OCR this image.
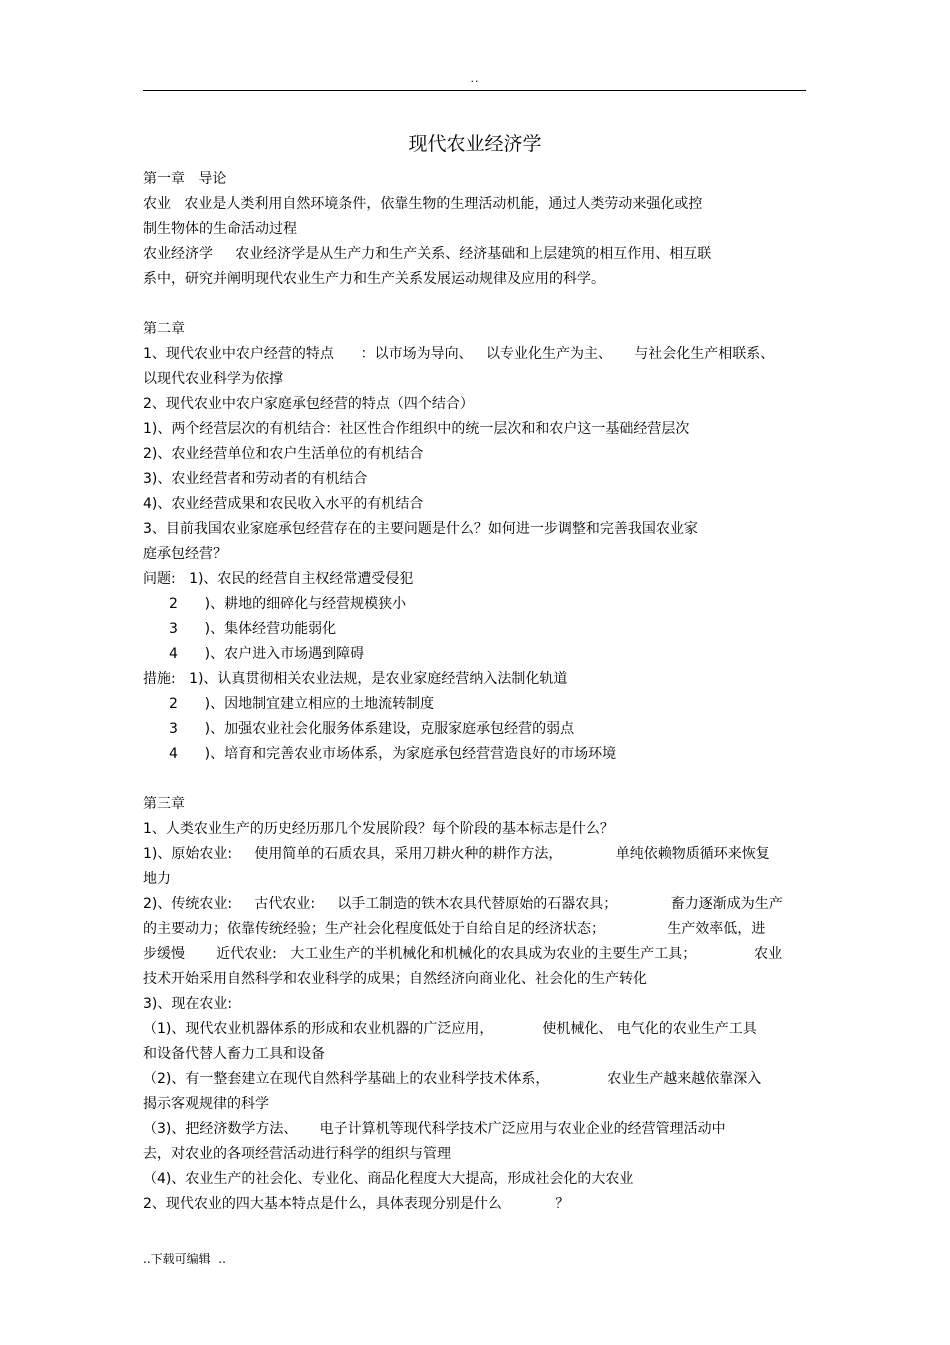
..
现代农业经济学
第一章   导论
农业   农业是人类利用自然环境条件，依靠生物的生理活动机能，通过人类劳动来强化或控
制生物体的生命活动过程
农业经济学     农业经济学是从生产力和生产关系、经济基础和上层建筑的相互作用、相互联
系中，研究并阐明现代农业生产力和生产关系发展运动规律及应用的科学。
第二章
1、现代农业中农户经营的特点      ：以市场为导向、   以专业化生产为主、     与社会化生产相联系、
以现代农业科学为依撑
2、现代农业中农户家庭承包经营的特点（四个结合）
1)、两个经营层次的有机结合：社区性合作组织中的统一层次和和农户这一基础经营层次
2)、农业经营单位和农户生活单位的有机结合
3)、农业经营者和劳动者的有机结合
4)、农业经营成果和农民收入水平的有机结合
3、目前我国农业家庭承包经营存在的主要问题是什么？如何进一步调整和完善我国农业家
庭承包经营？
问题:   1)、农民的经营自主权经常遭受侵犯
2      )、耕地的细碎化与经营规模狭小
3      )、集体经营功能弱化
4      )、农户进入市场遇到障碍
措施:   1)、认真贯彻相关农业法规，是农业家庭经营纳入法制化轨道
2      )、因地制宜建立相应的土地流转制度
3      )、加强农业社会化服务体系建设，克服家庭承包经营的弱点
4      )、培育和完善农业市场体系，为家庭承包经营营造良好的市场环境
第三章
1、人类农业生产的历史经历那几个发展阶段？每个阶段的基本标志是什么？
1)、原始农业:     使用简单的石质农具，采用刀耕火种的耕作方法，            单纯依赖物质循环来恢复
地力
2)、传统农业:     古代农业:     以手工制造的铁木农具代替原始的石器农具；            畜力逐渐成为生产
的主要动力；依靠传统经验；生产社会化程度低处于自给自足的经济状态；              生产效率低，进
步缓慢       近代农业:   大工业生产的半机械化和机械化的农具成为农业的主要生产工具；             农业
技术开始采用自然科学和农业科学的成果；自然经济向商业化、社会化的生产转化
3)、现在农业:
（1)、现代农业机器体系的形成和农业机器的广泛应用，           使机械化、 电气化的农业生产工具
和设备代替人畜力工具和设备
（2)、有一整套建立在现代自然科学基础上的农业科学技术体系，             农业生产越来越依靠深入
揭示客观规律的科学
（3)、把经济数学方法、     电子计算机等现代科学技术广泛应用与农业企业的经营管理活动中
去，对农业的各项经营活动进行科学的组织与管理
（4)、农业生产的社会化、专业化、商品化程度大大提高，形成社会化的大农业
2、现代农业的四大基本特点是什么，具体表现分别是什么            ？
..下载可编辑  ..
